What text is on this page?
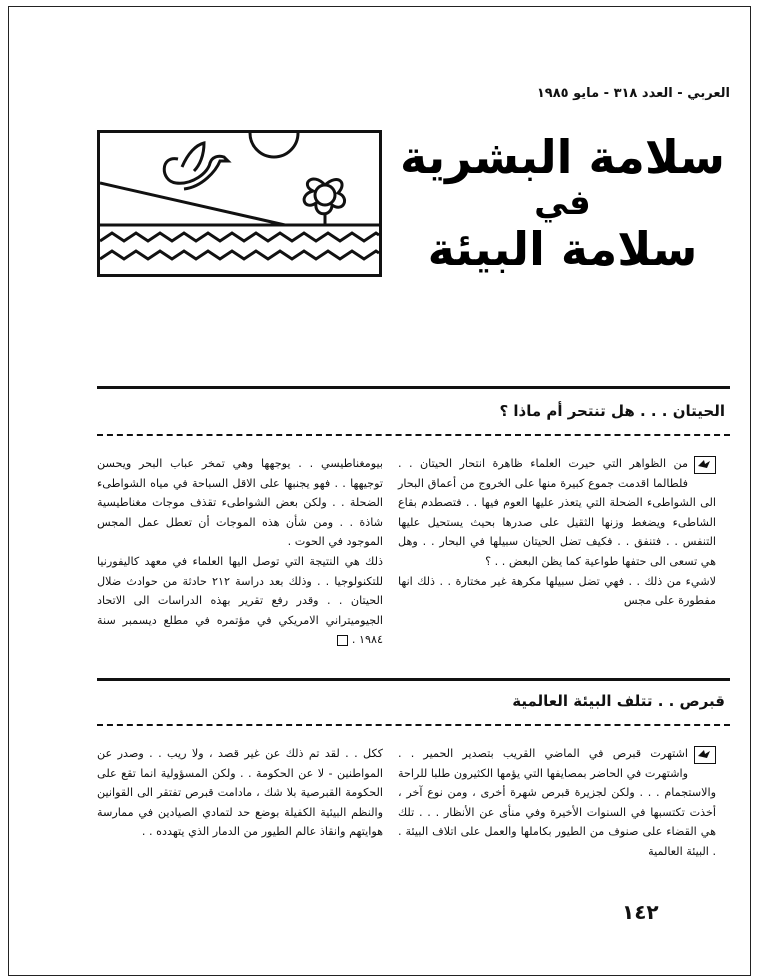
العربي - العدد ٣١٨ - مايو ١٩٨٥
سلامة البشرية
في
سلامة البيئة
الحيتان . . . هل تنتحر أم ماذا ؟

من الظواهر التي حيرت العلماء ظاهرة انتحار الحيتان . . فلطالما اقدمت جموع كبيرة منها على الخروج من أعماق البحار الى الشواطىء الضحلة التي يتعذر عليها العوم فيها . . فتصطدم بقاع الشاطىء ويضغط وزنها الثقيل على صدرها بحيث يستحيل عليها التنفس . . فتنفق . . فكيف تضل الحيتان سبيلها في البحار . . وهل هي تسعى الى حتفها طواعية كما يظن البعض . . ؟

لاشيء من ذلك . . فهي تضل سبيلها مكرهة غير مختارة . . ذلك انها مفطورة على مجس

بيومغناطيسي . . يوجهها وهي تمخر عباب البحر ويحسن توجيهها . . فهو يجنبها على الاقل السباحة في مياه الشواطىء الضحلة . . ولكن بعض الشواطىء تقذف موجات مغناطيسية شاذة . . ومن شأن هذه الموجات أن تعطل عمل المجس الموجود في الحوت .

ذلك هي النتيجة التي توصل اليها العلماء في معهد كاليفورنيا للتكنولوجيا . . وذلك بعد دراسة ٢١٢ حادثة من حوادث ضلال الحيتان . . وقدر رفع تقرير بهذه الدراسات الى الاتحاد الجيوميتراني الامريكي في مؤتمره في مطلع ديسمبر سنة ١٩٨٤ .

قبرص . . تتلف البيئة العالمية

اشتهرت قبرص في الماضي القريب بتصدير الحمير . . واشتهرت في الحاضر بمصايفها التي يؤمها الكثيرون طلبا للراحة والاستجمام . . . ولكن لجزيرة قبرص شهرة أخرى ، ومن نوع آخر ، أخذت تكتسبها في السنوات الأخيرة وفي منأى عن الأنظار . . . تلك هي القضاء على صنوف من الطيور بكاملها والعمل على اتلاف البيئة . . البيئة العالمية

ككل . . لقد تم ذلك عن غير قصد ، ولا ريب . . وصدر عن المواطنين - لا عن الحكومة . . ولكن المسؤولية انما تقع على الحكومة القبرصية بلا شك ، مادامت قبرص تفتقر الى القوانين والنظم البيئية الكفيلة بوضع حد لتمادي الصيادين في ممارسة هوايتهم وانقاذ عالم الطيور من الدمار الذي يتهدده . .

١٤٢
